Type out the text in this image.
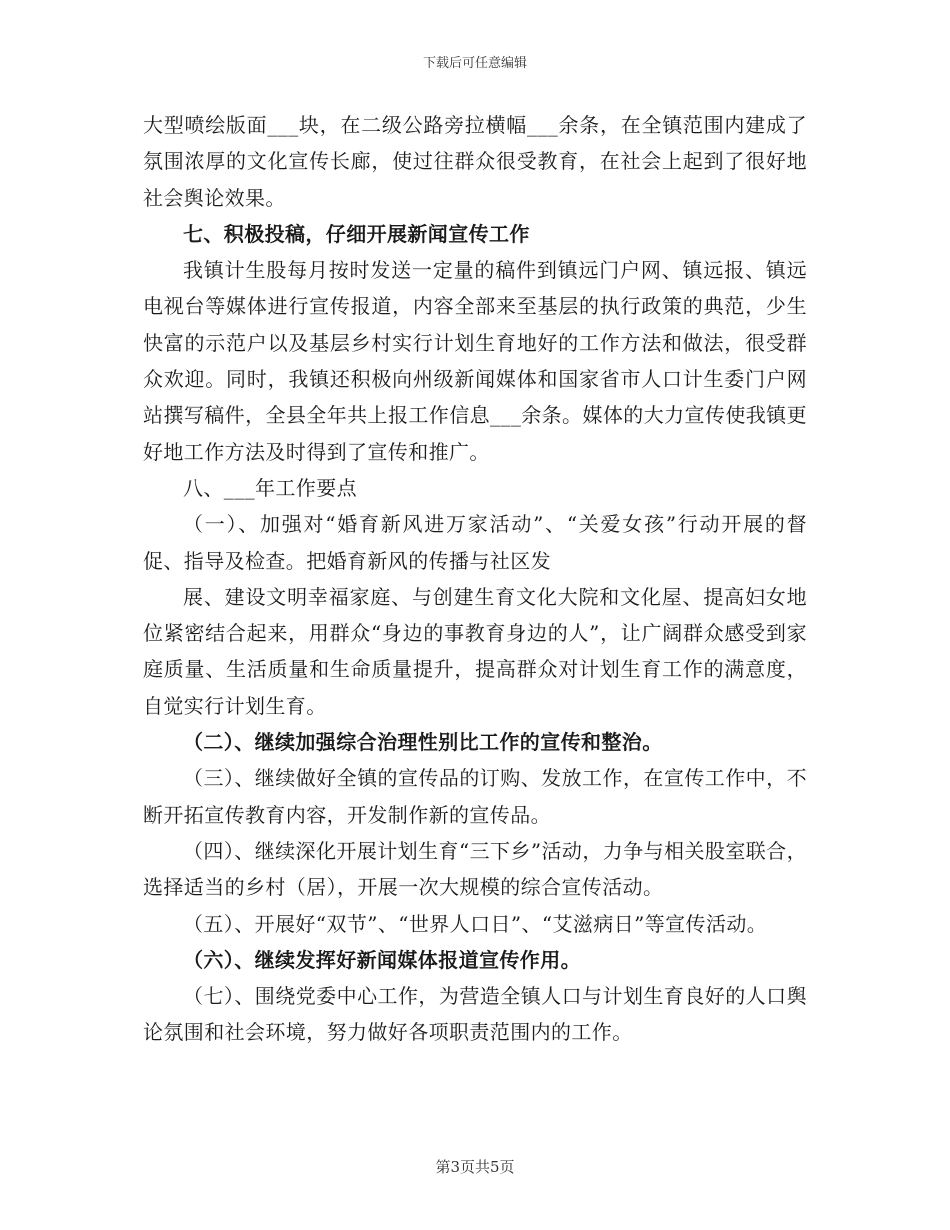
下载后可任意编辑

大型喷绘版面___块，在二级公路旁拉横幅___余条，在全镇范围内建成了氛围浓厚的文化宣传长廊，使过往群众很受教育，在社会上起到了很好地社会舆论效果。

七、积极投稿，仔细开展新闻宣传工作

我镇计生股每月按时发送一定量的稿件到镇远门户网、镇远报、镇远电视台等媒体进行宣传报道，内容全部来至基层的执行政策的典范，少生快富的示范户以及基层乡村实行计划生育地好的工作方法和做法，很受群众欢迎。同时，我镇还积极向州级新闻媒体和国家省市人口计生委门户网站撰写稿件，全县全年共上报工作信息___余条。媒体的大力宣传使我镇更好地工作方法及时得到了宣传和推广。

八、___年工作要点

（一）、加强对“婚育新风进万家活动”、“关爱女孩”行动开展的督促、指导及检查。把婚育新风的传播与社区发

展、建设文明幸福家庭、与创建生育文化大院和文化屋、提高妇女地位紧密结合起来，用群众“身边的事教育身边的人”，让广阔群众感受到家庭质量、生活质量和生命质量提升，提高群众对计划生育工作的满意度，自觉实行计划生育。

（二）、继续加强综合治理性别比工作的宣传和整治。

（三）、继续做好全镇的宣传品的订购、发放工作，在宣传工作中，不断开拓宣传教育内容，开发制作新的宣传品。

（四）、继续深化开展计划生育“三下乡”活动，力争与相关股室联合，选择适当的乡村（居），开展一次大规模的综合宣传活动。

（五）、开展好“双节”、“世界人口日”、“艾滋病日”等宣传活动。

（六）、继续发挥好新闻媒体报道宣传作用。

（七）、围绕党委中心工作，为营造全镇人口与计划生育良好的人口舆论氛围和社会环境，努力做好各项职责范围内的工作。

第3页共5页
